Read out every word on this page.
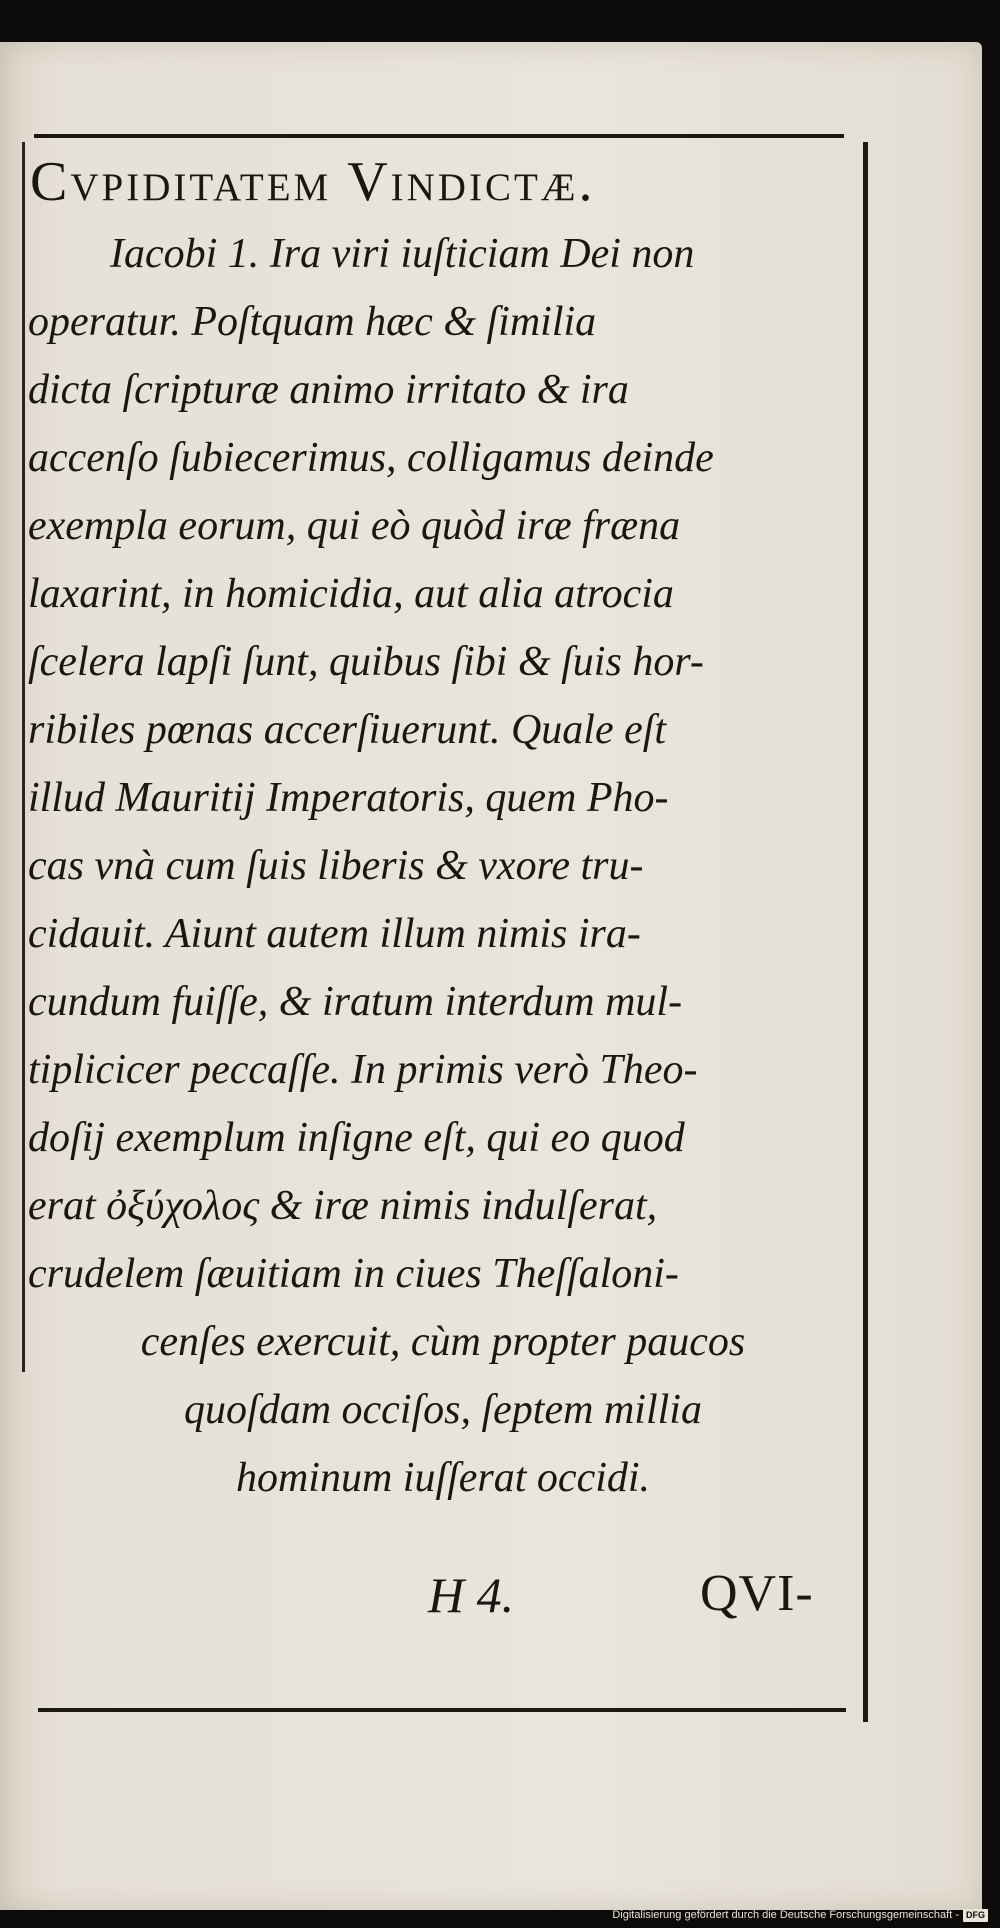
Cvpiditatem Vindictæ.
Iacobi 1. Ira viri iuſticiam Dei non
operatur. Poſtquam hæc & ſimilia
dicta ſcripturæ animo irritato & ira
accenſo ſubiecerimus, colligamus deinde
exempla eorum, qui eò quòd iræ fræna
laxarint, in homicidia, aut alia atrocia
ſcelera lapſi ſunt, quibus ſibi & ſuis hor-
ribiles pœnas accerſiuerunt. Quale eſt
illud Mauritij Imperatoris, quem Pho-
cas vnà cum ſuis liberis & vxore tru-
cidauit. Aiunt autem illum nimis ira-
cundum fuiſſe, & iratum interdum mul-
tiplicicer peccaſſe. In primis verò Theo-
doſij exemplum inſigne eſt, qui eo quod
erat ὀξύχολος & iræ nimis indulſerat,
crudelem ſæuitiam in ciues Theſſaloni-
cenſes exercuit, cùm propter paucos
quoſdam occiſos, ſeptem millia
hominum iuſſerat occidi.
H 4.	QVI-
Digitalisierung gefördert durch die Deutsche Forschungsgemeinschaft - DFG
